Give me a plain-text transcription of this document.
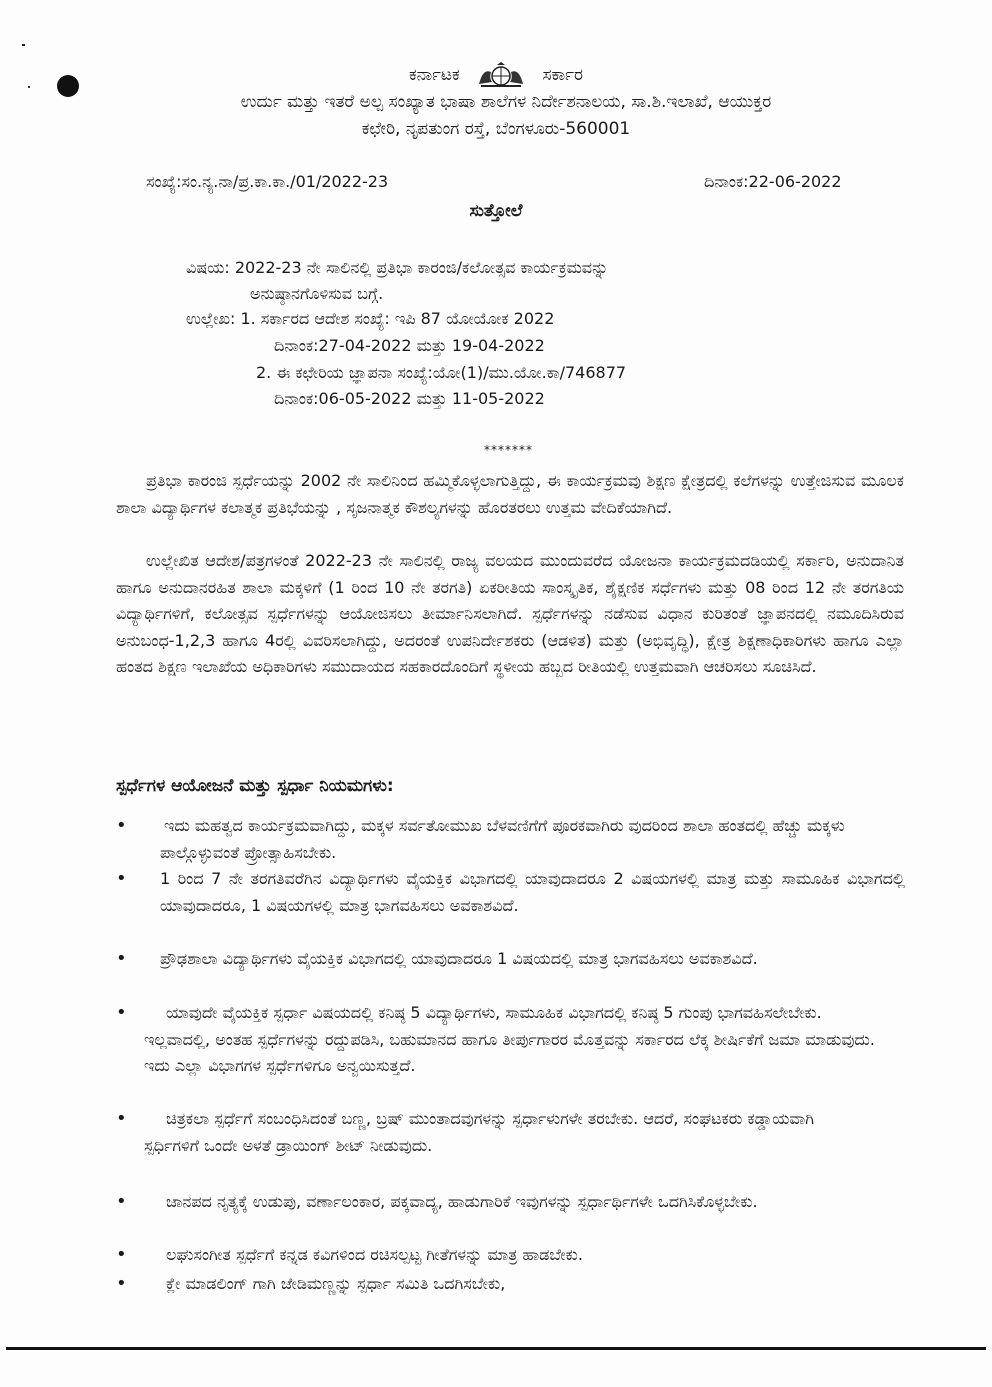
ಕರ್ನಾಟಕ	ಸರ್ಕಾರ
ಉರ್ದು ಮತ್ತು ಇತರೆ ಅಲ್ಪ ಸಂಖ್ಯಾತ ಭಾಷಾ ಶಾಲೆಗಳ ನಿರ್ದೇಶನಾಲಯ, ಸಾ.ಶಿ.ಇಲಾಖೆ, ಆಯುಕ್ತರ
ಕಛೇರಿ, ನೃಪತುಂಗ ರಸ್ತೆ, ಬೆಂಗಳೂರು-560001
ಸಂಖ್ಯೆ:ಸಂ.ನ್ಯ.ನಾ/ಪ್ರ.ಕಾ.ಕಾ./01/2022-23	ದಿನಾಂಕ:22-06-2022
ಸುತ್ತೋಲೆ
ವಿಷಯ: 2022-23 ನೇ ಸಾಲಿನಲ್ಲಿ ಪ್ರತಿಭಾ ಕಾರಂಜಿ/ಕಲೋತ್ಸವ ಕಾರ್ಯಕ್ರಮವನ್ನು
ಅನುಷ್ಠಾನಗೊಳಿಸುವ ಬಗ್ಗೆ.
ಉಲ್ಲೇಖ: 1. ಸರ್ಕಾರದ ಆದೇಶ ಸಂಖ್ಯೆ: ಇಪಿ 87 ಯೋಯೋಕ 2022
ದಿನಾಂಕ:27-04-2022 ಮತ್ತು 19-04-2022
2. ಈ ಕಛೇರಿಯ ಜ್ಞಾಪನಾ ಸಂಖ್ಯೆ:ಯೋ(1)/ಮು.ಯೋ.ಕಾ/746877
ದಿನಾಂಕ:06-05-2022 ಮತ್ತು 11-05-2022
*******
ಪ್ರತಿಭಾ ಕಾರಂಜಿ ಸ್ಪರ್ಧೆಯನ್ನು 2002 ನೇ ಸಾಲಿನಿಂದ ಹಮ್ಮಿಕೊಳ್ಳಲಾಗುತ್ತಿದ್ದು, ಈ ಕಾರ್ಯಕ್ರಮವು ಶಿಕ್ಷಣ ಕ್ಷೇತ್ರದಲ್ಲಿ ಕಲೆಗಳನ್ನು ಉತ್ತೇಜಿಸುವ ಮೂಲಕ ಶಾಲಾ ವಿದ್ಯಾರ್ಥಿಗಳ ಕಲಾತ್ಮಕ ಪ್ರತಿಭೆಯನ್ನು , ಸೃಜನಾತ್ಮಕ ಕೌಶಲ್ಯಗಳನ್ನು ಹೊರತರಲು ಉತ್ತಮ ವೇದಿಕೆಯಾಗಿದೆ.
ಉಲ್ಲೇಖಿತ ಆದೇಶ/ಪತ್ರಗಳಂತೆ 2022-23 ನೇ ಸಾಲಿನಲ್ಲಿ ರಾಜ್ಯ ವಲಯದ ಮುಂದುವರೆದ ಯೋಜನಾ ಕಾರ್ಯಕ್ರಮದಡಿಯಲ್ಲಿ ಸರ್ಕಾರಿ, ಅನುದಾನಿತ ಹಾಗೂ ಅನುದಾನರಹಿತ ಶಾಲಾ ಮಕ್ಕಳಿಗೆ (1 ರಿಂದ 10 ನೇ ತರಗತಿ) ಏಕರೀತಿಯ ಸಾಂಸ್ಕೃತಿಕ, ಶೈಕ್ಷಣಿಕ ಸರ್ಧೆಗಳು ಮತ್ತು 08 ರಿಂದ 12 ನೇ ತರಗತಿಯ ವಿದ್ಯಾರ್ಥಿಗಳಿಗೆ, ಕಲೋತ್ಸವ ಸ್ಪರ್ಧೆಗಳನ್ನು ಆಯೋಜಿಸಲು ತೀರ್ಮಾನಿಸಲಾಗಿದೆ. ಸ್ಪರ್ಧೆಗಳನ್ನು ನಡೆಸುವ ವಿಧಾನ ಕುರಿತಂತೆ ಜ್ಞಾಪನದಲ್ಲಿ ನಮೂದಿಸಿರುವ ಅನುಬಂಧ-1,2,3 ಹಾಗೂ 4ರಲ್ಲಿ ವಿವರಿಸಲಾಗಿದ್ದು, ಅದರಂತೆ ಉಪನಿರ್ದೇಶಕರು (ಆಡಳಿತ) ಮತ್ತು (ಅಭಿವೃದ್ಧಿ), ಕ್ಷೇತ್ರ ಶಿಕ್ಷಣಾಧಿಕಾರಿಗಳು ಹಾಗೂ ಎಲ್ಲಾ ಹಂತದ ಶಿಕ್ಷಣ ಇಲಾಖೆಯ ಅಧಿಕಾರಿಗಳು ಸಮುದಾಯದ ಸಹಕಾರದೊಂದಿಗೆ ಸ್ಥಳೀಯ ಹಬ್ಬದ ರೀತಿಯಲ್ಲಿ ಉತ್ತಮವಾಗಿ ಆಚರಿಸಲು ಸೂಚಿಸಿದೆ.
ಸ್ಪರ್ಧೆಗಳ ಆಯೋಜನೆ ಮತ್ತು ಸ್ಪರ್ಧಾ ನಿಯಮಗಳು:
• ಇದು ಮಹತ್ವದ ಕಾರ್ಯಕ್ರಮವಾಗಿದ್ದು, ಮಕ್ಕಳ ಸರ್ವತೋಮುಖ ಬೆಳವಣಿಗೆಗೆ ಪೂರಕವಾಗಿರು ವುದರಿಂದ ಶಾಲಾ ಹಂತದಲ್ಲಿ ಹೆಚ್ಚು ಮಕ್ಕಳು ಪಾಲ್ಗೊಳ್ಳುವಂತೆ ಪ್ರೋತ್ಸಾಹಿಸಬೇಕು.
• 1 ರಿಂದ 7 ನೇ ತರಗತಿವರೆಗಿನ ವಿದ್ಯಾರ್ಥಿಗಳು ವೈಯಕ್ತಿಕ ವಿಭಾಗದಲ್ಲಿ ಯಾವುದಾದರೂ 2 ವಿಷಯಗಳಲ್ಲಿ ಮಾತ್ರ ಮತ್ತು ಸಾಮೂಹಿಕ ವಿಭಾಗದಲ್ಲಿ ಯಾವುದಾದರೂ, 1 ವಿಷಯಗಳಲ್ಲಿ ಮಾತ್ರ ಭಾಗವಹಿಸಲು ಅವಕಾಶವಿದೆ.
• ಪ್ರೌಢಶಾಲಾ ವಿದ್ಯಾರ್ಥಿಗಳು ವೈಯಕ್ತಿಕ ವಿಭಾಗದಲ್ಲಿ ಯಾವುದಾದರೂ 1 ವಿಷಯದಲ್ಲಿ ಮಾತ್ರ ಭಾಗವಹಿಸಲು ಅವಕಾಶವಿದೆ.
•	ಯಾವುದೇ ವೈಯಕ್ತಿಕ ಸ್ಪರ್ಧಾ ವಿಷಯದಲ್ಲಿ ಕನಿಷ್ಠ 5 ವಿದ್ಯಾರ್ಥಿಗಳು, ಸಾಮೂಹಿಕ ವಿಭಾಗದಲ್ಲಿ ಕನಿಷ್ಠ 5 ಗುಂಪು ಭಾಗವಹಿಸಲೇಬೇಕು. ಇಲ್ಲವಾದಲ್ಲಿ, ಅಂತಹ ಸ್ಪರ್ಧೆಗಳನ್ನು ರದ್ದುಪಡಿಸಿ, ಬಹುಮಾನದ ಹಾಗೂ ತೀರ್ಪುಗಾರರ ಮೊತ್ತವನ್ನು ಸರ್ಕಾರದ ಲೆಕ್ಕ ಶೀರ್ಷಿಕೆಗೆ ಜಮಾ ಮಾಡುವುದು. ಇದು ಎಲ್ಲಾ ವಿಭಾಗಗಳ ಸ್ಪರ್ಧೆಗಳಿಗೂ ಅನ್ವಯಿಸುತ್ತದೆ.
•	ಚಿತ್ರಕಲಾ ಸ್ಪರ್ಧೆಗೆ ಸಂಬಂಧಿಸಿದಂತೆ ಬಣ್ಣ, ಬ್ರಷ್ ಮುಂತಾದವುಗಳನ್ನು ಸ್ಪರ್ಧಾಳುಗಳೇ ತರಬೇಕು. ಆದರೆ, ಸಂಘಟಕರು ಕಡ್ಡಾಯವಾಗಿ ಸ್ಪರ್ಧಿಗಳಿಗೆ ಒಂದೇ ಅಳತೆ ಡ್ರಾಯಿಂಗ್ ಶೀಟ್ ನೀಡುವುದು.
•	ಜಾನಪದ ನೃತ್ಯಕ್ಕೆ ಉಡುಪು, ವರ್ಣಾಲಂಕಾರ, ಪಕ್ಕವಾದ್ಯ, ಹಾಡುಗಾರಿಕೆ ಇವುಗಳನ್ನು ಸ್ಪರ್ಧಾರ್ಥಿಗಳೇ ಒದಗಿಸಿಕೊಳ್ಳಬೇಕು.
• ಲಘುಸಂಗೀತ ಸ್ಪರ್ಧೆಗೆ ಕನ್ನಡ ಕವಿಗಳಿಂದ ರಚಿಸಲ್ಪಟ್ಟ ಗೀತೆಗಳನ್ನು ಮಾತ್ರ ಹಾಡಬೇಕು.
• ಕ್ಲೇ ಮಾಡಲಿಂಗ್ ಗಾಗಿ ಜೇಡಿಮಣ್ಣನ್ನು ಸ್ಪರ್ಧಾ ಸಮಿತಿ ಒದಗಿಸಬೇಕು,
